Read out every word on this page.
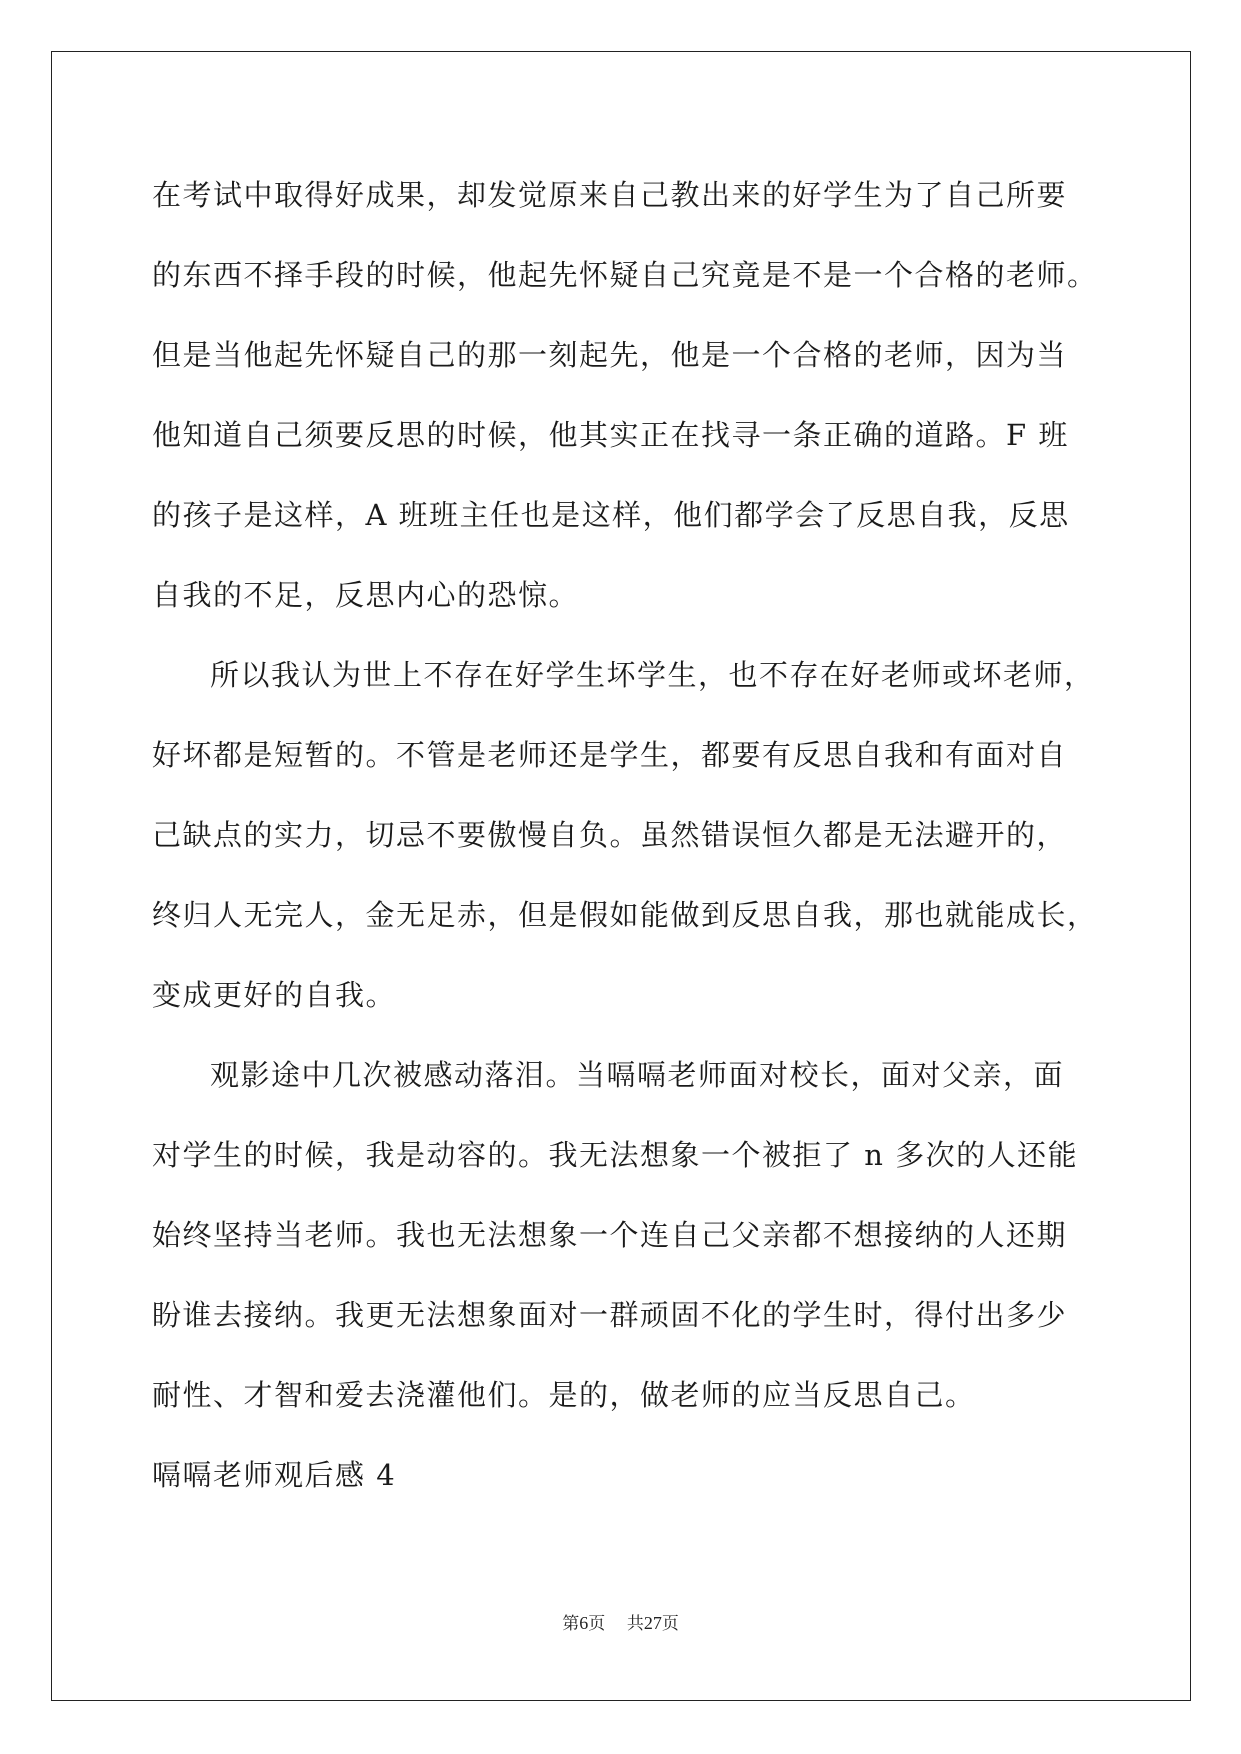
在考试中取得好成果，却发觉原来自己教出来的好学生为了自己所要
的东西不择手段的时候，他起先怀疑自己究竟是不是一个合格的老师。
但是当他起先怀疑自己的那一刻起先，他是一个合格的老师，因为当
他知道自己须要反思的时候，他其实正在找寻一条正确的道路。F 班
的孩子是这样，A 班班主任也是这样，他们都学会了反思自我，反思
自我的不足，反思内心的恐惊。
所以我认为世上不存在好学生坏学生，也不存在好老师或坏老师，
好坏都是短暂的。不管是老师还是学生，都要有反思自我和有面对自
己缺点的实力，切忌不要傲慢自负。虽然错误恒久都是无法避开的，
终归人无完人，金无足赤，但是假如能做到反思自我，那也就能成长，
变成更好的自我。
观影途中几次被感动落泪。当嗝嗝老师面对校长，面对父亲，面
对学生的时候，我是动容的。我无法想象一个被拒了 n 多次的人还能
始终坚持当老师。我也无法想象一个连自己父亲都不想接纳的人还期
盼谁去接纳。我更无法想象面对一群顽固不化的学生时，得付出多少
耐性、才智和爱去浇灌他们。是的，做老师的应当反思自己。
嗝嗝老师观后感 4
第6页 共27页
